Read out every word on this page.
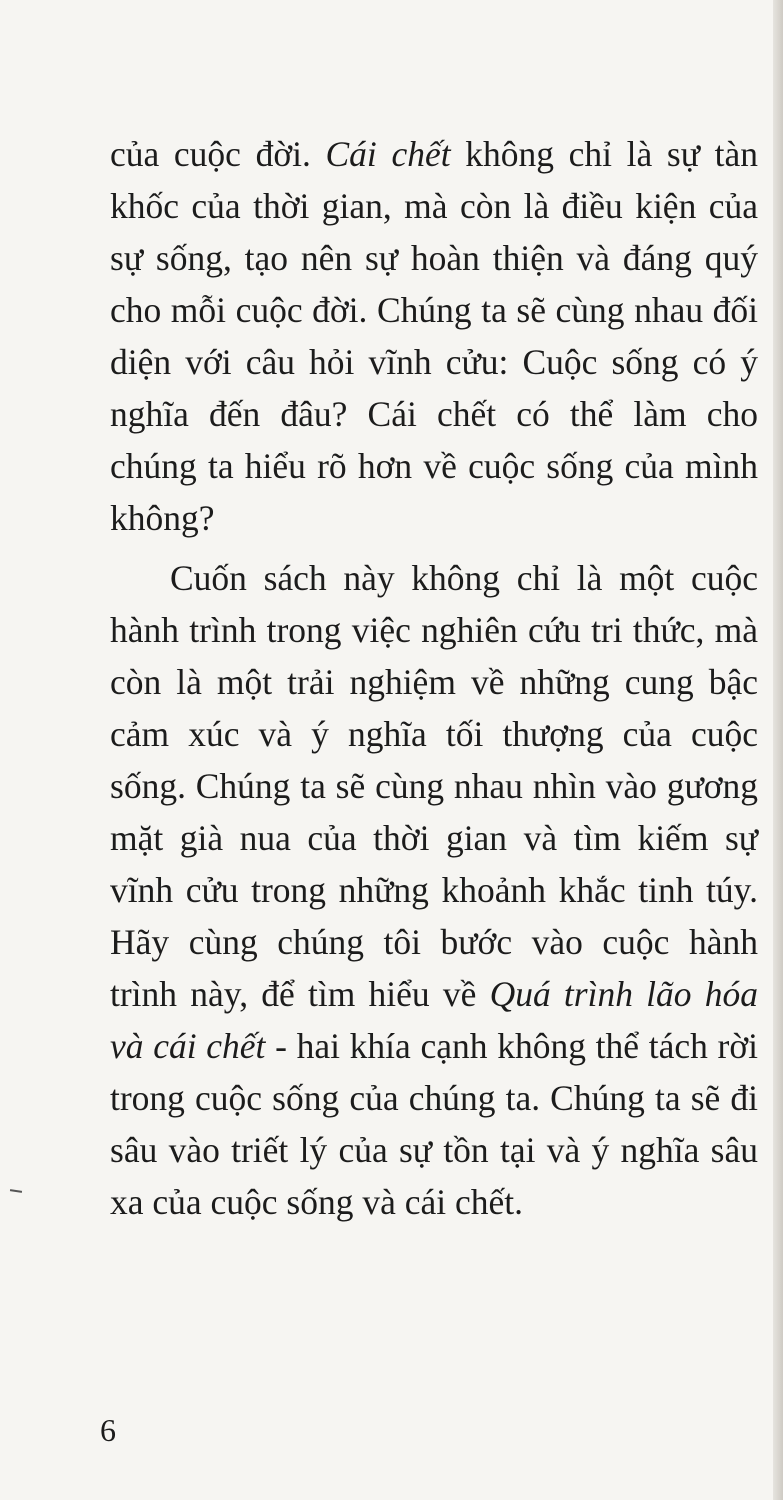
của cuộc đời. Cái chết không chỉ là sự tàn khốc của thời gian, mà còn là điều kiện của sự sống, tạo nên sự hoàn thiện và đáng quý cho mỗi cuộc đời. Chúng ta sẽ cùng nhau đối diện với câu hỏi vĩnh cửu: Cuộc sống có ý nghĩa đến đâu? Cái chết có thể làm cho chúng ta hiểu rõ hơn về cuộc sống của mình không?

Cuốn sách này không chỉ là một cuộc hành trình trong việc nghiên cứu tri thức, mà còn là một trải nghiệm về những cung bậc cảm xúc và ý nghĩa tối thượng của cuộc sống. Chúng ta sẽ cùng nhau nhìn vào gương mặt già nua của thời gian và tìm kiếm sự vĩnh cửu trong những khoảnh khắc tinh túy. Hãy cùng chúng tôi bước vào cuộc hành trình này, để tìm hiểu về Quá trình lão hóa và cái chết - hai khía cạnh không thể tách rời trong cuộc sống của chúng ta. Chúng ta sẽ đi sâu vào triết lý của sự tồn tại và ý nghĩa sâu xa của cuộc sống và cái chết.

6
